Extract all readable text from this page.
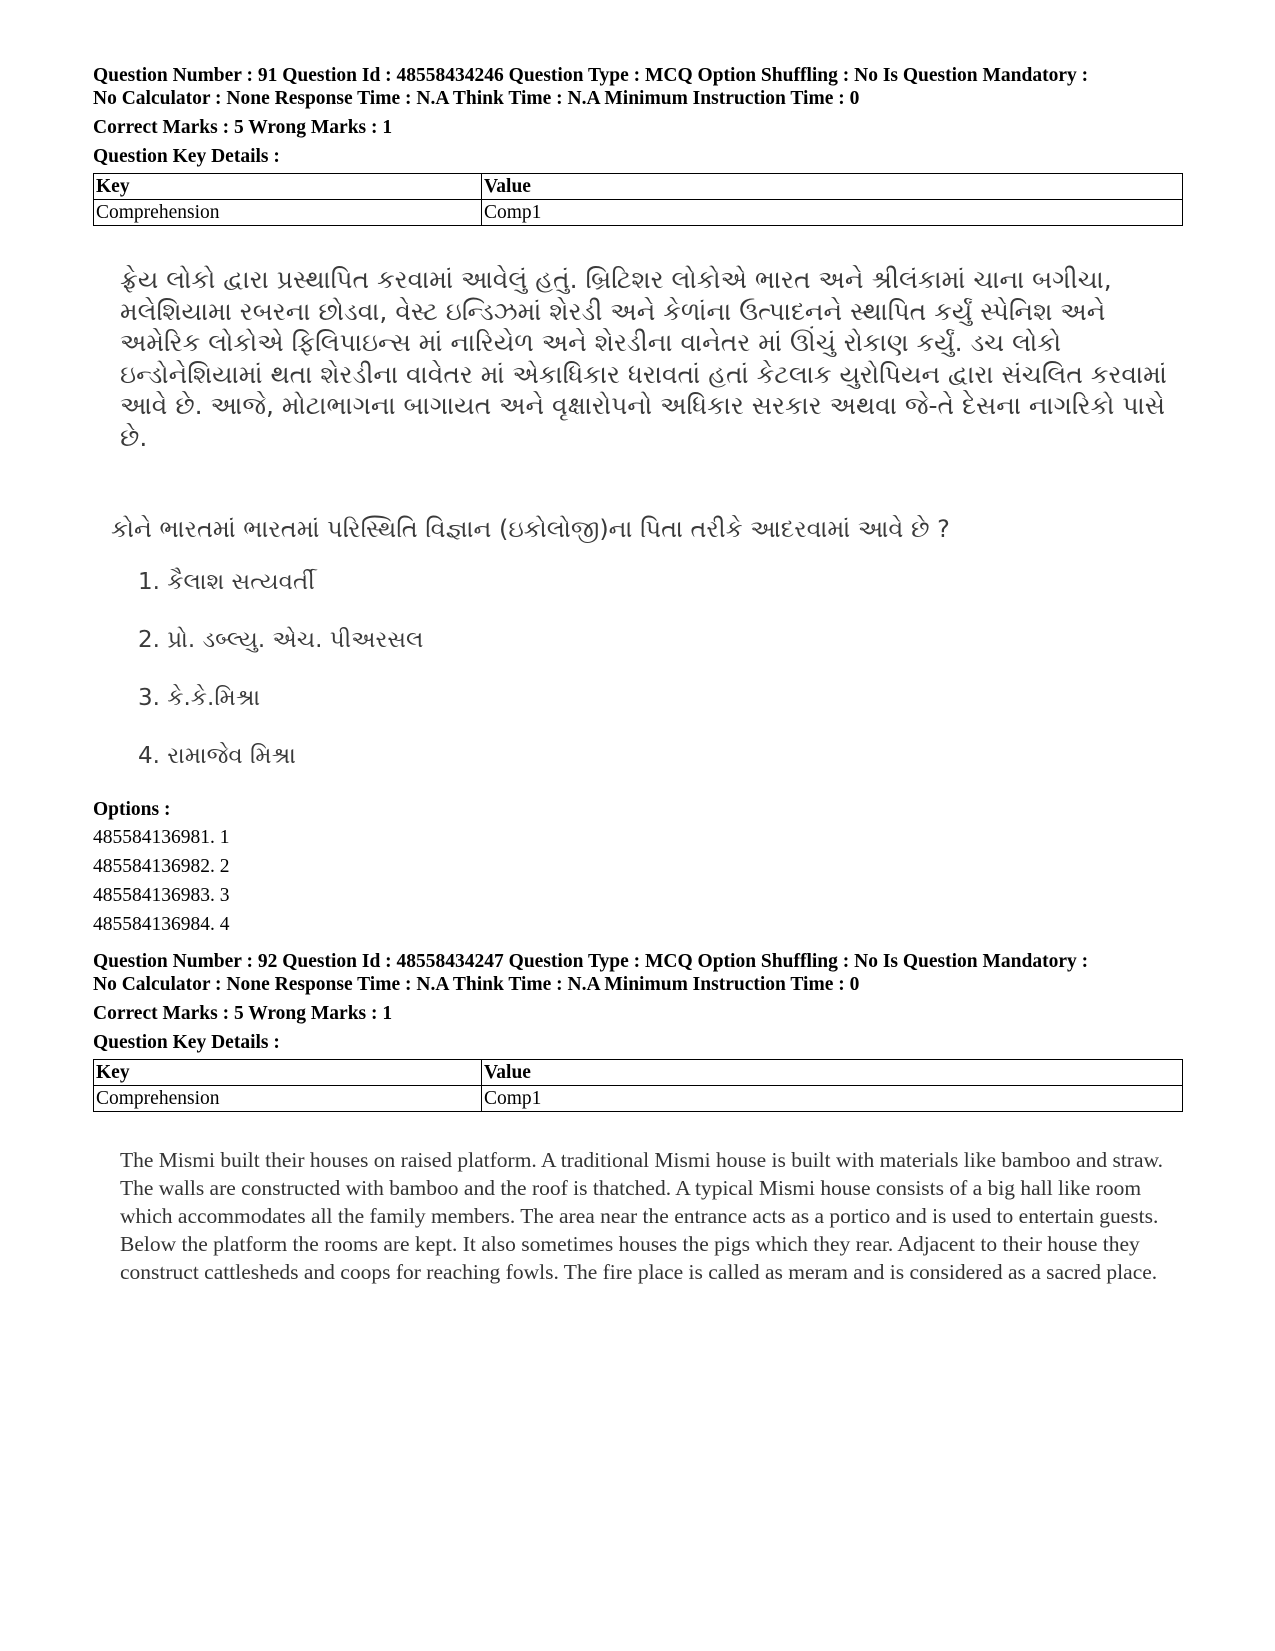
Question Number : 91 Question Id : 48558434246 Question Type : MCQ Option Shuffling : No Is Question Mandatory :

No Calculator : None Response Time : N.A Think Time : N.A Minimum Instruction Time : 0

Correct Marks : 5 Wrong Marks : 1
Question Key Details :
Key	Value
Comprehension	Comp1
ફ્રેય લોકો દ્વારા પ્રસ્થાપિત કરવામાં આવેલું હતું. બ્રિટિશર લોકોએ ભારત અને શ્રીલંકામાં ચાના બગીચા, મલેશિયામા રબરના છોડવા, વેસ્ટ ઇન્ડિઝમાં શેરડી અને કેળાંના ઉત્પાદનને સ્થાપિત કર્યું સ્પેનિશ અને અમેરિક લોકોએ ફિલિપાઇન્સ માં નારિયેળ અને શેરડીના વાનેતર માં ઊંચું રોકાણ કર્યું. ડચ લોકો ઇન્ડોનેશિયામાં થતા શેરડીના વાવેતર માં એકાધિકાર ધરાવતાં હતાં કેટલાક યુરોપિયન દ્વારા સંચલિત કરવામાં આવે છે. આજે, મોટાભાગના બાગાયત અને વૃક્ષારોપનો અધિકાર સરકાર અથવા જે-તે દેસના નાગરિકો પાસે છે.
કોને ભારતમાં ભારતમાં પરિસ્થિતિ વિજ્ઞાન (ઇકોલોજી)ના પિતા તરીકે આદરવામાં આવે છે ?
1. કૈલાશ સત્યવર્તી
2. પ્રો. ડબ્લ્યુ. એચ. પીઅરસલ
3. કે.કે.મિશ્રા
4. રામાજેવ મિશ્રા
Options :
485584136981. 1
485584136982. 2
485584136983. 3
485584136984. 4

Question Number : 92 Question Id : 48558434247 Question Type : MCQ Option Shuffling : No Is Question Mandatory :

No Calculator : None Response Time : N.A Think Time : N.A Minimum Instruction Time : 0

Correct Marks : 5 Wrong Marks : 1
Question Key Details :
Key	Value
Comprehension	Comp1
The Mismi built their houses on raised platform. A traditional Mismi house is built with materials like bamboo and straw. The walls are constructed with bamboo and the roof is thatched. A typical Mismi house consists of a big hall like room which accommodates all the family members. The area near the entrance acts as a portico and is used to entertain guests. Below the platform the rooms are kept. It also sometimes houses the pigs which they rear. Adjacent to their house they construct cattlesheds and coops for reaching fowls. The fire place is called as meram and is considered as a sacred place.
